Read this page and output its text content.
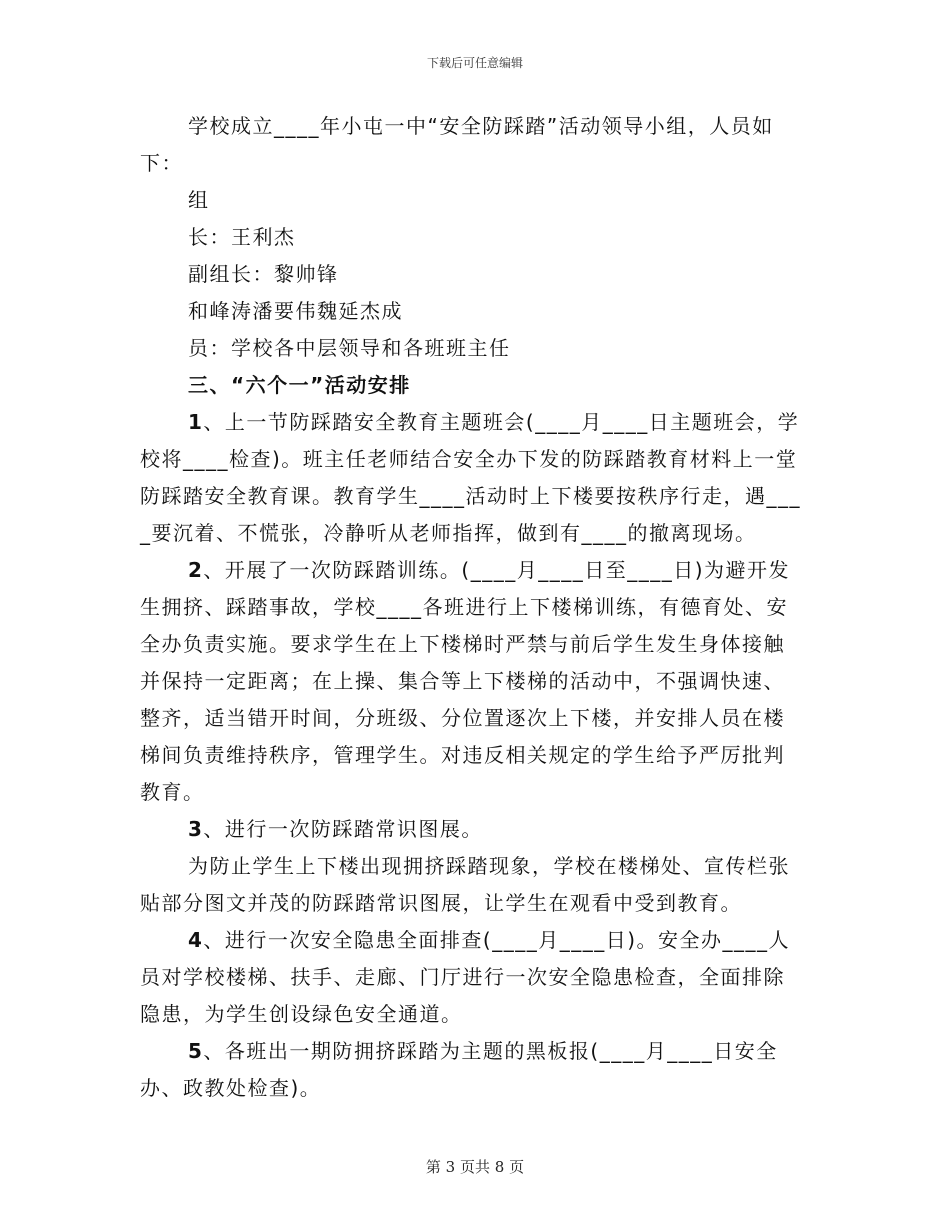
下载后可任意编辑

学校成立____年小屯一中“安全防踩踏”活动领导小组，人员如下：

组

长：王利杰

副组长：黎帅锋

和峰涛潘要伟魏延杰成

员：学校各中层领导和各班班主任

三、“六个一”活动安排

1、上一节防踩踏安全教育主题班会(____月____日主题班会，学校将____检查)。班主任老师结合安全办下发的防踩踏教育材料上一堂防踩踏安全教育课。教育学生____活动时上下楼要按秩序行走，遇____要沉着、不慌张，冷静听从老师指挥，做到有____的撤离现场。

2、开展了一次防踩踏训练。(____月____日至____日)为避开发生拥挤、踩踏事故，学校____各班进行上下楼梯训练，有德育处、安全办负责实施。要求学生在上下楼梯时严禁与前后学生发生身体接触并保持一定距离；在上操、集合等上下楼梯的活动中，不强调快速、整齐，适当错开时间，分班级、分位置逐次上下楼，并安排人员在楼梯间负责维持秩序，管理学生。对违反相关规定的学生给予严厉批判教育。

3、进行一次防踩踏常识图展。

为防止学生上下楼出现拥挤踩踏现象，学校在楼梯处、宣传栏张贴部分图文并茂的防踩踏常识图展，让学生在观看中受到教育。

4、进行一次安全隐患全面排查(____月____日)。安全办____人员对学校楼梯、扶手、走廊、门厅进行一次安全隐患检查，全面排除隐患，为学生创设绿色安全通道。

5、各班出一期防拥挤踩踏为主题的黑板报(____月____日安全办、政教处检查)。

第 3 页共 8 页
